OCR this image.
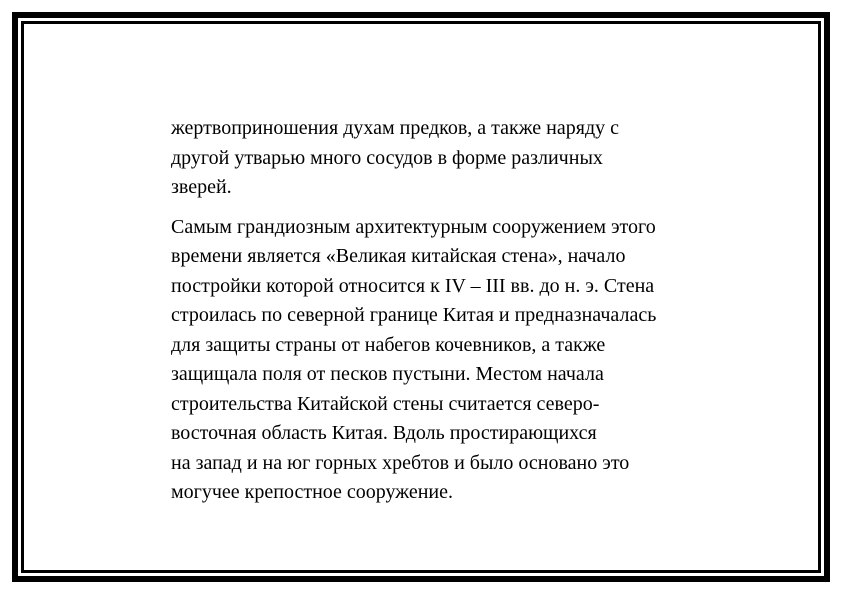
жертвоприношения духам предков, а также наряду с
другой утварью много сосудов в форме различных
зверей.

Самым грандиозным архитектурным сооружением этого
времени является «Великая китайская стена», начало
постройки которой относится к IV – III вв. до н. э. Стена
строилась по северной границе Китая и предназначалась
для защиты страны от набегов кочевников, а также
защищала поля от песков пустыни. Местом начала
строительства Китайской стены считается северо-
восточная область Китая. Вдоль простирающихся
на запад и на юг горных хребтов и было основано это
могучее крепостное сооружение.
